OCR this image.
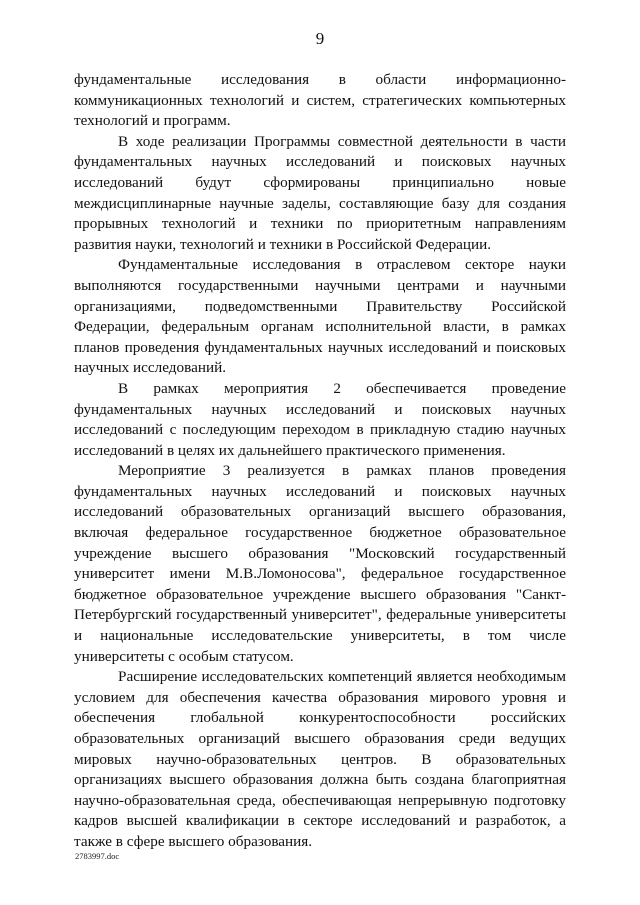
9

фундаментальные исследования в области информационно-коммуникационных технологий и систем, стратегических компьютерных технологий и программ.

В ходе реализации Программы совместной деятельности в части фундаментальных научных исследований и поисковых научных исследований будут сформированы принципиально новые междисциплинарные научные заделы, составляющие базу для создания прорывных технологий и техники по приоритетным направлениям развития науки, технологий и техники в Российской Федерации.

Фундаментальные исследования в отраслевом секторе науки выполняются государственными научными центрами и научными организациями, подведомственными Правительству Российской Федерации, федеральным органам исполнительной власти, в рамках планов проведения фундаментальных научных исследований и поисковых научных исследований.

В рамках мероприятия 2 обеспечивается проведение фундаментальных научных исследований и поисковых научных исследований с последующим переходом в прикладную стадию научных исследований в целях их дальнейшего практического применения.

Мероприятие 3 реализуется в рамках планов проведения фундаментальных научных исследований и поисковых научных исследований образовательных организаций высшего образования, включая федеральное государственное бюджетное образовательное учреждение высшего образования "Московский государственный университет имени М.В.Ломоносова", федеральное государственное бюджетное образовательное учреждение высшего образования "Санкт-Петербургский государственный университет", федеральные университеты и национальные исследовательские университеты, в том числе университеты с особым статусом.

Расширение исследовательских компетенций является необходимым условием для обеспечения качества образования мирового уровня и обеспечения глобальной конкурентоспособности российских образовательных организаций высшего образования среди ведущих мировых научно-образовательных центров. В образовательных организациях высшего образования должна быть создана благоприятная научно-образовательная среда, обеспечивающая непрерывную подготовку кадров высшей квалификации в секторе исследований и разработок, а также в сфере высшего образования.

2783997.doc
